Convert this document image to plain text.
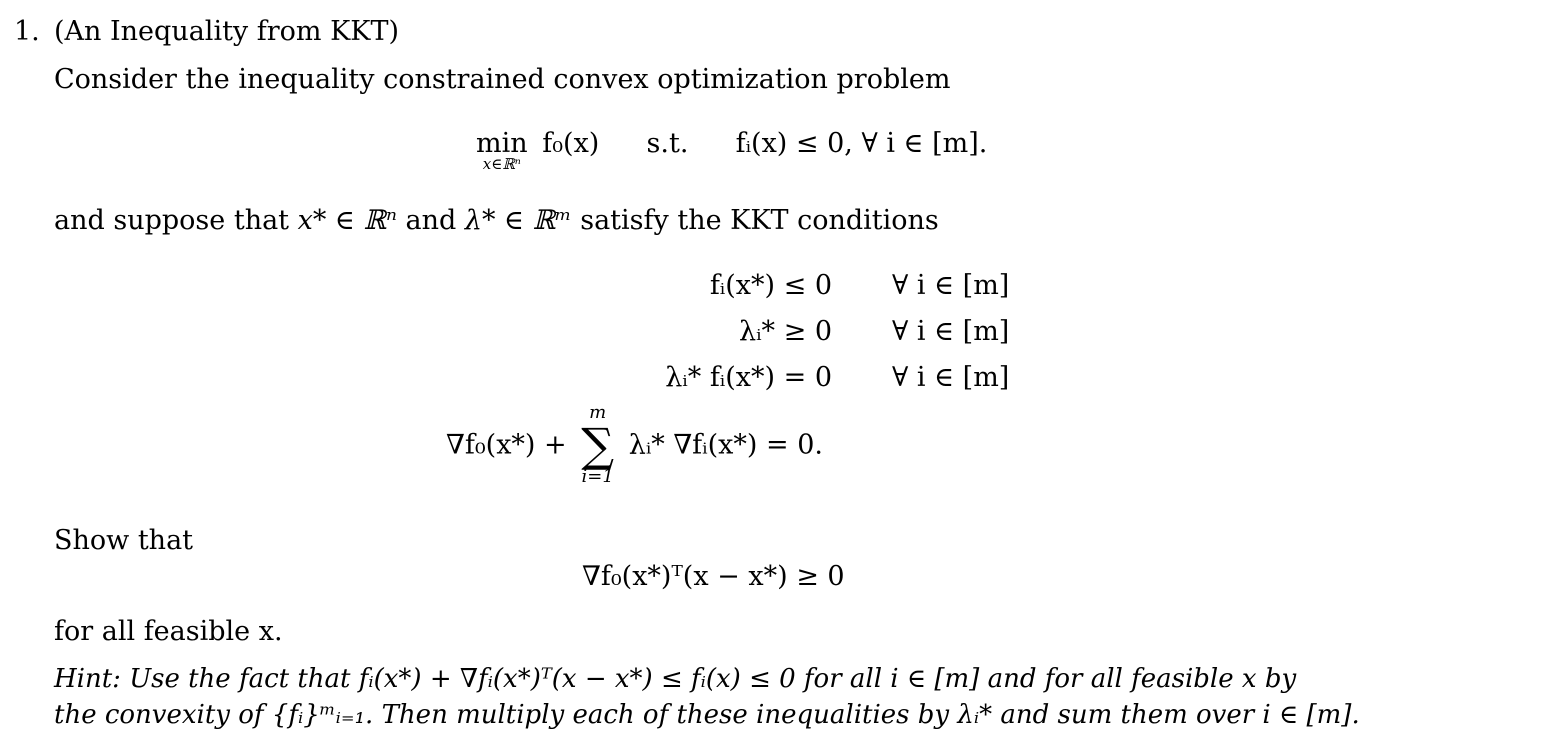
1. (An Inequality from KKT)
Consider the inequality constrained convex optimization problem
min
x∈ℝⁿ
f₀(x) s.t. fᵢ(x) ≤ 0, ∀ i ∈ [m].
and suppose that x* ∈ ℝⁿ and λ* ∈ ℝᵐ satisfy the KKT conditions
fᵢ(x*) ≤ 0	∀ i ∈ [m]
λᵢ* ≥ 0	∀ i ∈ [m]
λᵢ* fᵢ(x*) = 0	∀ i ∈ [m]
∇f₀(x*) +
m
∑
i=1
λᵢ* ∇fᵢ(x*) = 0.
Show that
∇f₀(x*)ᵀ(x − x*) ≥ 0
for all feasible x.
Hint: Use the fact that fᵢ(x*) + ∇fᵢ(x*)ᵀ(x − x*) ≤ fᵢ(x) ≤ 0 for all i ∈ [m] and for all feasible x by
the convexity of {fᵢ}ᵐᵢ₌₁. Then multiply each of these inequalities by λᵢ* and sum them over i ∈ [m].
